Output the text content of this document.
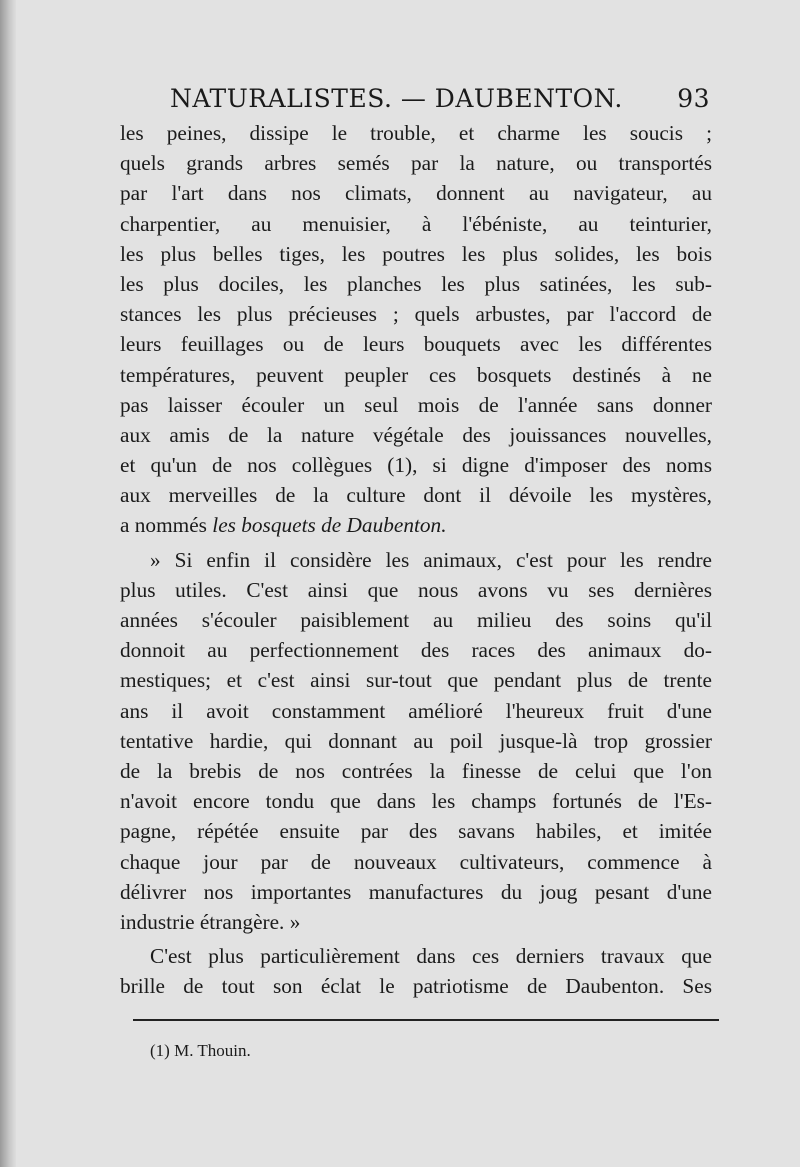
NATURALISTES. — DAUBENTON. 93
les peines, dissipe le trouble, et charme les soucis ;
quels grands arbres semés par la nature, ou transportés
par l'art dans nos climats, donnent au navigateur, au
charpentier, au menuisier, à l'ébéniste, au teinturier,
les plus belles tiges, les poutres les plus solides, les bois
les plus dociles, les planches les plus satinées, les sub-
stances les plus précieuses ; quels arbustes, par l'accord de
leurs feuillages ou de leurs bouquets avec les différentes
températures, peuvent peupler ces bosquets destinés à ne
pas laisser écouler un seul mois de l'année sans donner
aux amis de la nature végétale des jouissances nouvelles,
et qu'un de nos collègues (1), si digne d'imposer des noms
aux merveilles de la culture dont il dévoile les mystères,
a nommés les bosquets de Daubenton.
» Si enfin il considère les animaux, c'est pour les rendre
plus utiles. C'est ainsi que nous avons vu ses dernières
années s'écouler paisiblement au milieu des soins qu'il
donnoit au perfectionnement des races des animaux do-
mestiques; et c'est ainsi sur-tout que pendant plus de trente
ans il avoit constamment amélioré l'heureux fruit d'une
tentative hardie, qui donnant au poil jusque-là trop grossier
de la brebis de nos contrées la finesse de celui que l'on
n'avoit encore tondu que dans les champs fortunés de l'Es-
pagne, répétée ensuite par des savans habiles, et imitée
chaque jour par de nouveaux cultivateurs, commence à
délivrer nos importantes manufactures du joug pesant d'une
industrie étrangère. »
C'est plus particulièrement dans ces derniers travaux que
brille de tout son éclat le patriotisme de Daubenton. Ses
(1) M. Thouin.
